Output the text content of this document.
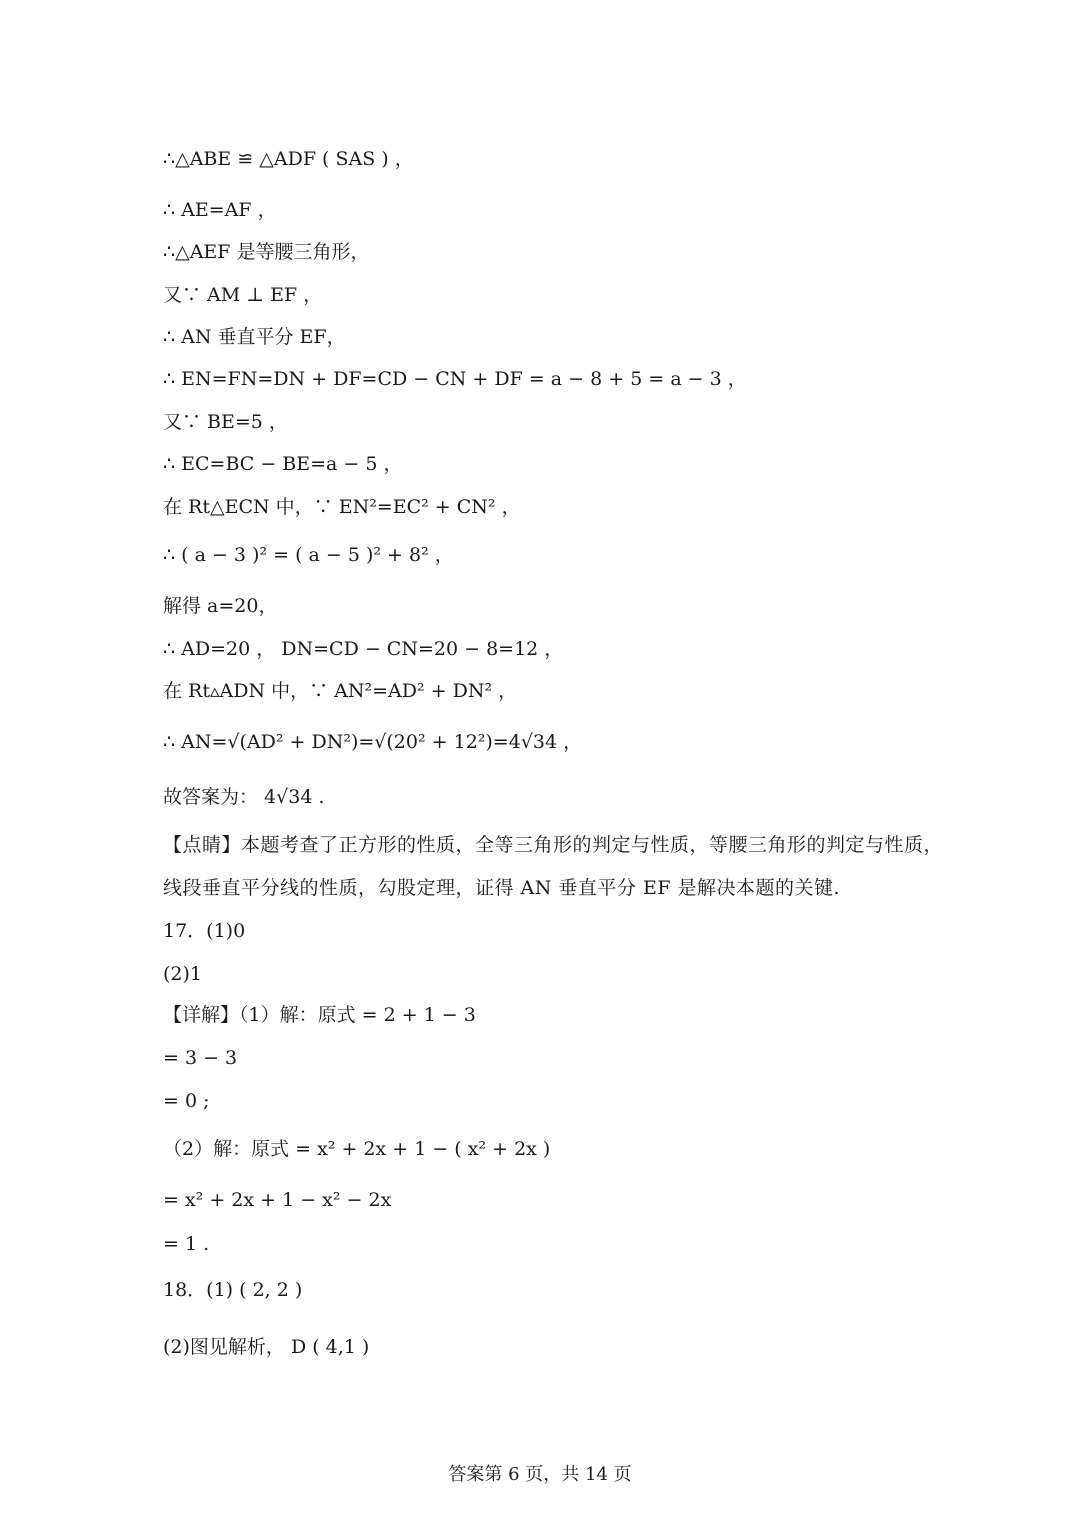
∴△ABE ≌ △ADF ( SAS ) ，
∴ AE=AF ，
∴△AEF 是等腰三角形，
又∵ AM ⊥ EF ，
∴ AN 垂直平分 EF，
∴ EN=FN=DN + DF=CD − CN + DF = a − 8 + 5 = a − 3 ，
又∵ BE=5 ，
∴ EC=BC − BE=a − 5 ，
在 Rt△ECN 中，∵ EN²=EC² + CN² ，
∴ ( a − 3 )² = ( a − 5 )² + 8² ，
解得 a=20，
∴ AD=20 ， DN=CD − CN=20 − 8=12 ，
在 Rt▵ADN 中，∵ AN²=AD² + DN² ，
∴ AN=√(AD² + DN²)=√(20² + 12²)=4√34 ，
故答案为： 4√34 .
【点睛】本题考查了正方形的性质，全等三角形的判定与性质，等腰三角形的判定与性质，线段垂直平分线的性质，勾股定理，证得 AN 垂直平分 EF 是解决本题的关键.
17．(1)0
(2)1
【详解】（1）解：原式 = 2 + 1 − 3
= 3 − 3
= 0 ;
（2）解：原式 = x² + 2x + 1 − ( x² + 2x )
= x² + 2x + 1 − x² − 2x
= 1 .
18．(1) ( 2, 2 )
(2)图见解析， D ( 4,1 )
答案第 6 页，共 14 页
